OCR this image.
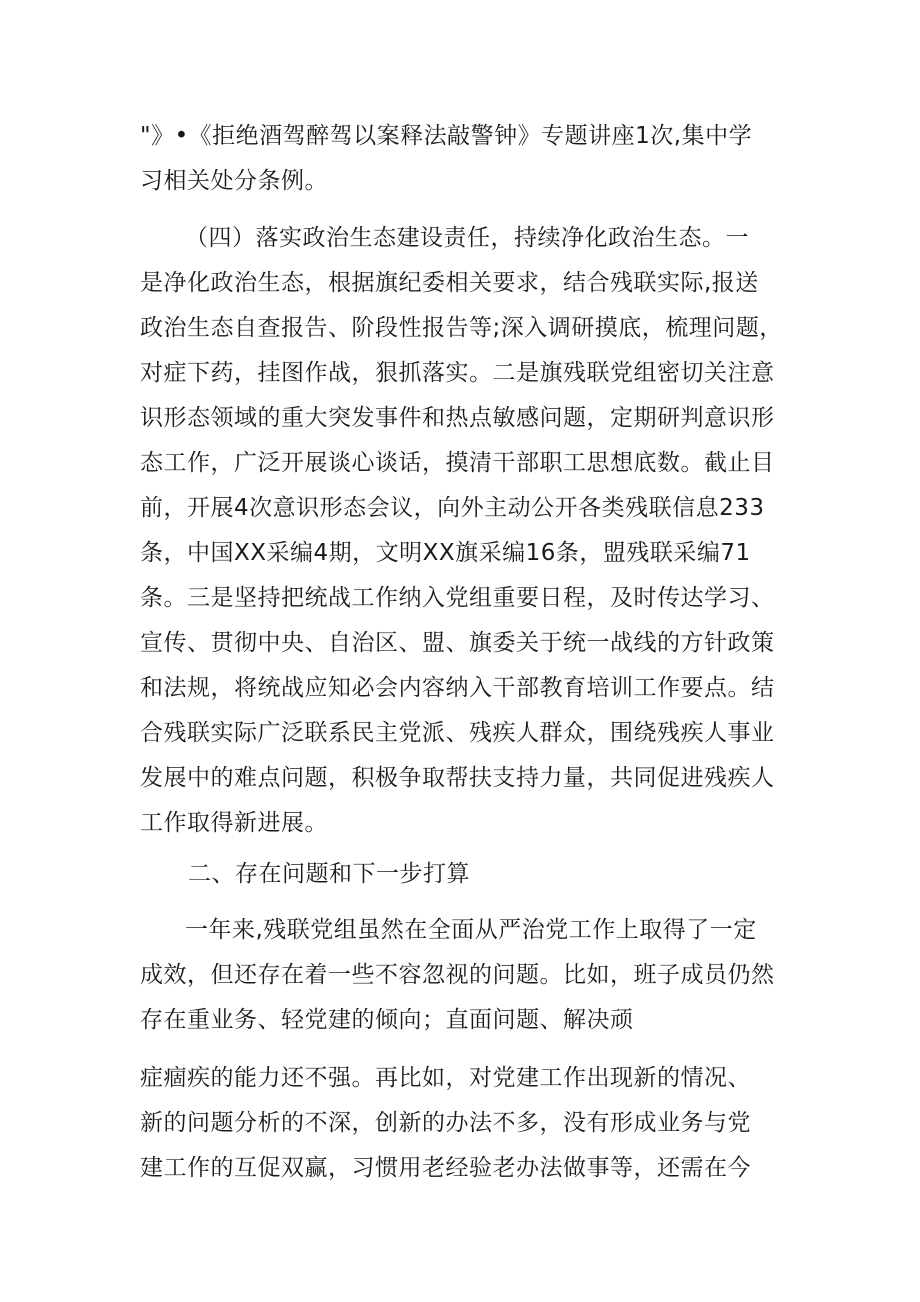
"》•《拒绝酒驾醉驾以案释法敲警钟》专题讲座1次,集中学
习相关处分条例。
（四）落实政治生态建设责任，持续净化政治生态。一
是净化政治生态，根据旗纪委相关要求，结合残联实际,报送
政治生态自查报告、阶段性报告等;深入调研摸底，梳理问题，
对症下药，挂图作战，狠抓落实。二是旗残联党组密切关注意
识形态领域的重大突发事件和热点敏感问题，定期研判意识形
态工作，广泛开展谈心谈话，摸清干部职工思想底数。截止目
前，开展4次意识形态会议，向外主动公开各类残联信息233
条，中国XX采编4期，文明XX旗采编16条，盟残联采编71
条。三是坚持把统战工作纳入党组重要日程，及时传达学习、
宣传、贯彻中央、自治区、盟、旗委关于统一战线的方针政策
和法规，将统战应知必会内容纳入干部教育培训工作要点。结
合残联实际广泛联系民主党派、残疾人群众，围绕残疾人事业
发展中的难点问题，积极争取帮扶支持力量，共同促进残疾人
工作取得新进展。
二、存在问题和下一步打算
一年来,残联党组虽然在全面从严治党工作上取得了一定
成效，但还存在着一些不容忽视的问题。比如，班子成员仍然
存在重业务、轻党建的倾向；直面问题、解决顽
症痼疾的能力还不强。再比如，对党建工作出现新的情况、
新的问题分析的不深，创新的办法不多，没有形成业务与党
建工作的互促双赢，习惯用老经验老办法做事等，还需在今
